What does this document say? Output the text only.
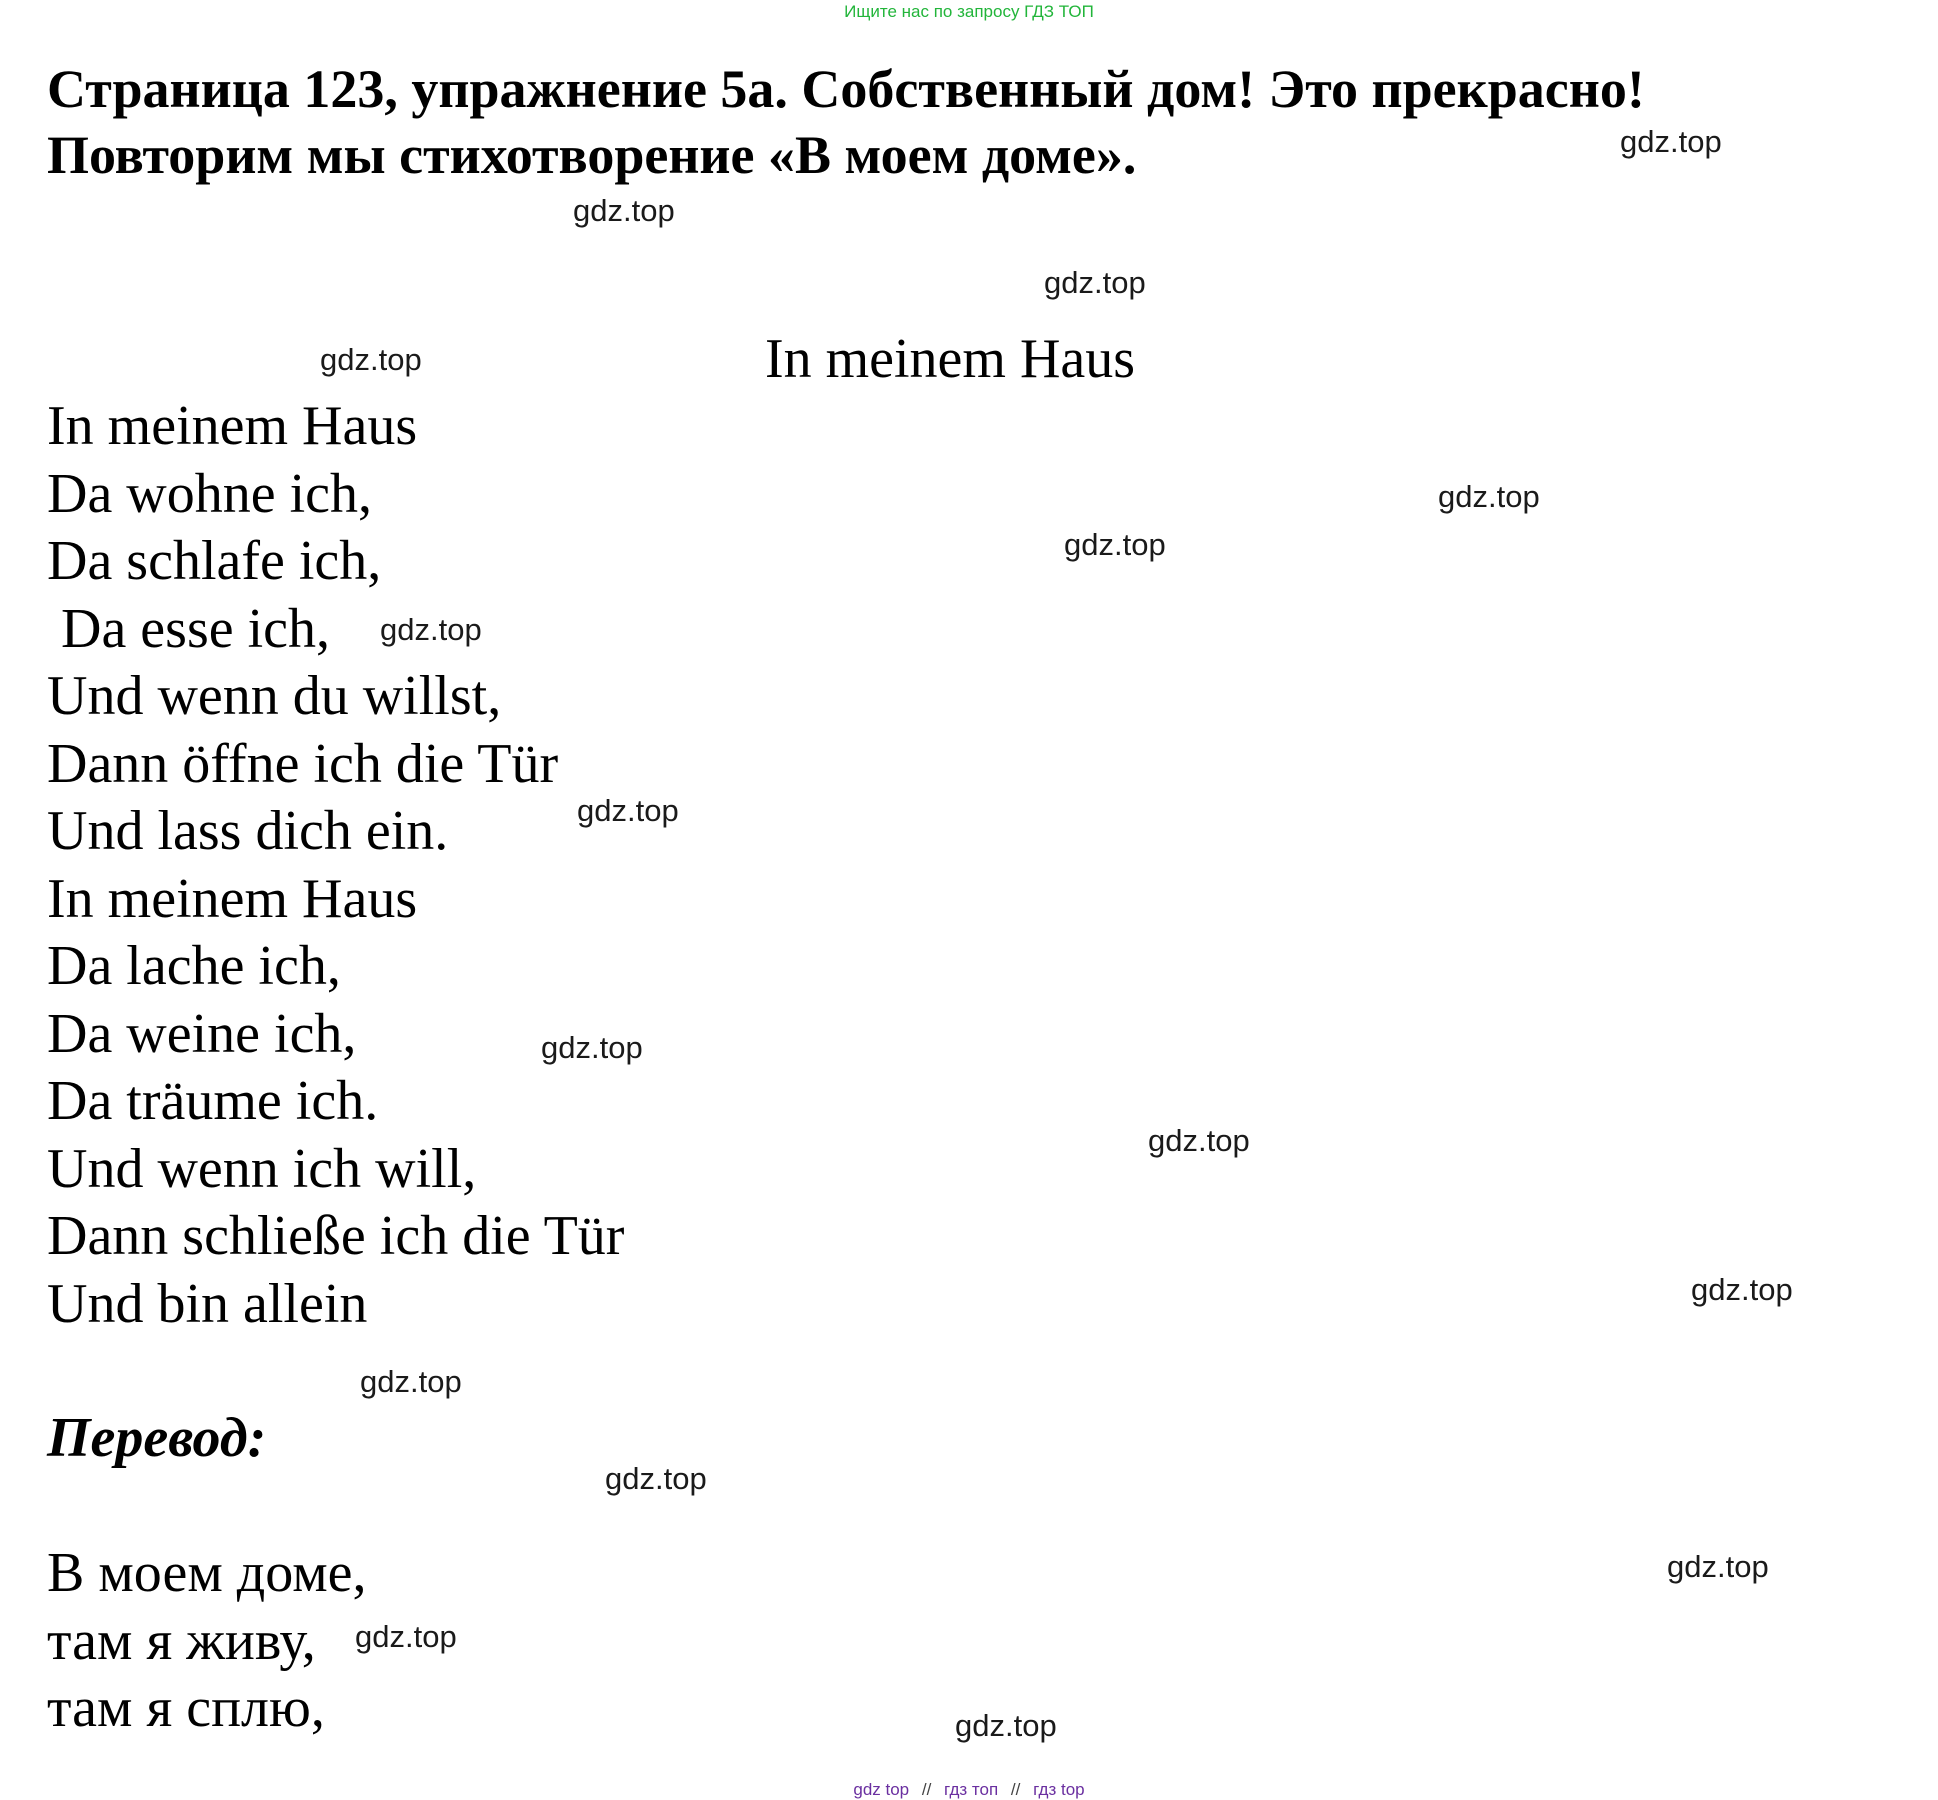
Ищите нас по запросу ГДЗ ТОП
Страница 123, упражнение 5а. Собственный дом! Это прекрасно!
Повторим мы стихотворение «В моем доме».
In meinem Haus
In meinem Haus
Da wohne ich,
Da schlafe ich,
Da esse ich,
Und wenn du willst,
Dann öffne ich die Tür
Und lass dich ein.
In meinem Haus
Da lache ich,
Da weine ich,
Da träume ich.
Und wenn ich will,
Dann schließe ich die Tür
Und bin allein
Перевод:
В моем доме,
там я живу,
там я сплю,
gdz.top
gdz.top
gdz.top
gdz.top
gdz.top
gdz.top
gdz.top
gdz.top
gdz.top
gdz.top
gdz.top
gdz.top
gdz.top
gdz.top
gdz.top
gdz.top
gdz top // гдз топ // гдз top
